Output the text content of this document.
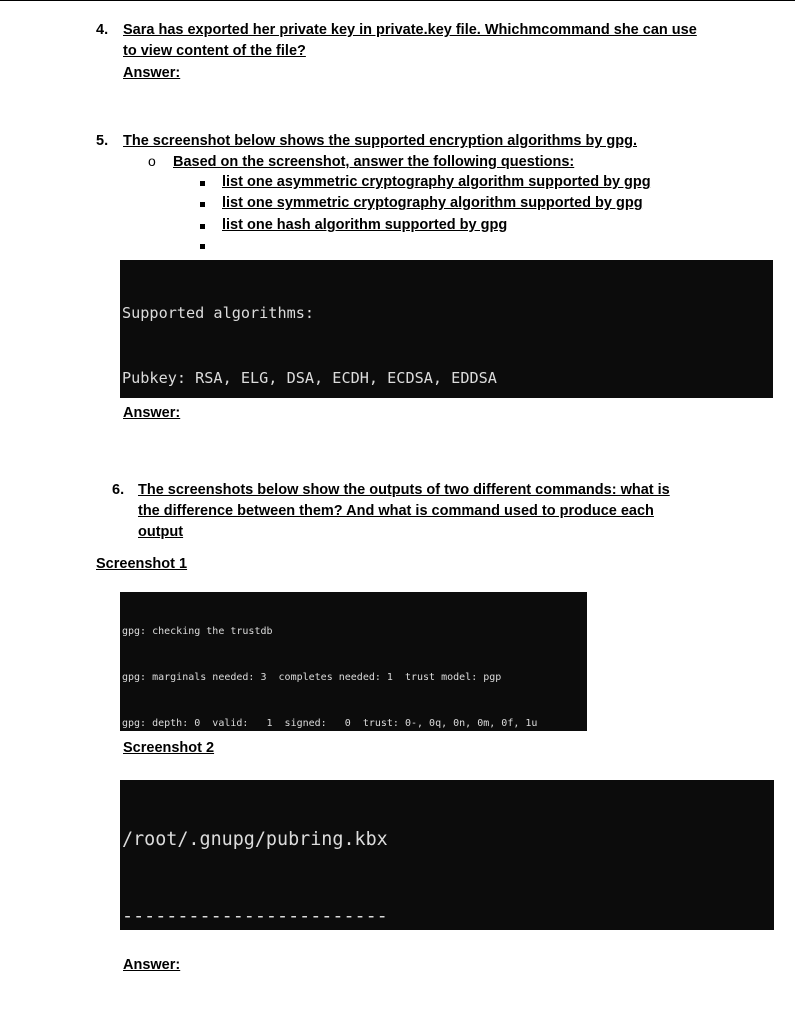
4. Sara has exported her private key in private.key file. Whichmcommand she can use
to view content of the file?
Answer:
5. The screenshot below shows the supported encryption algorithms by gpg.
o Based on the screenshot, answer the following questions:
list one asymmetric cryptography algorithm supported by gpg
list one symmetric cryptography algorithm supported by gpg
list one hash algorithm supported by gpg

Supported algorithms:

Pubkey: RSA, ELG, DSA, ECDH, ECDSA, EDDSA

Answer:
6. The screenshots below show the outputs of two different commands: what is
the difference between them? And what is command used to produce each
output
Screenshot 1

gpg: checking the trustdb

gpg: marginals needed: 3  completes needed: 1  trust model: pgp

gpg: depth: 0  valid:   1  signed:   0  trust: 0-, 0q, 0n, 0m, 0f, 1u

Screenshot 2

/root/.gnupg/pubring.kbx

------------------------

Answer:
